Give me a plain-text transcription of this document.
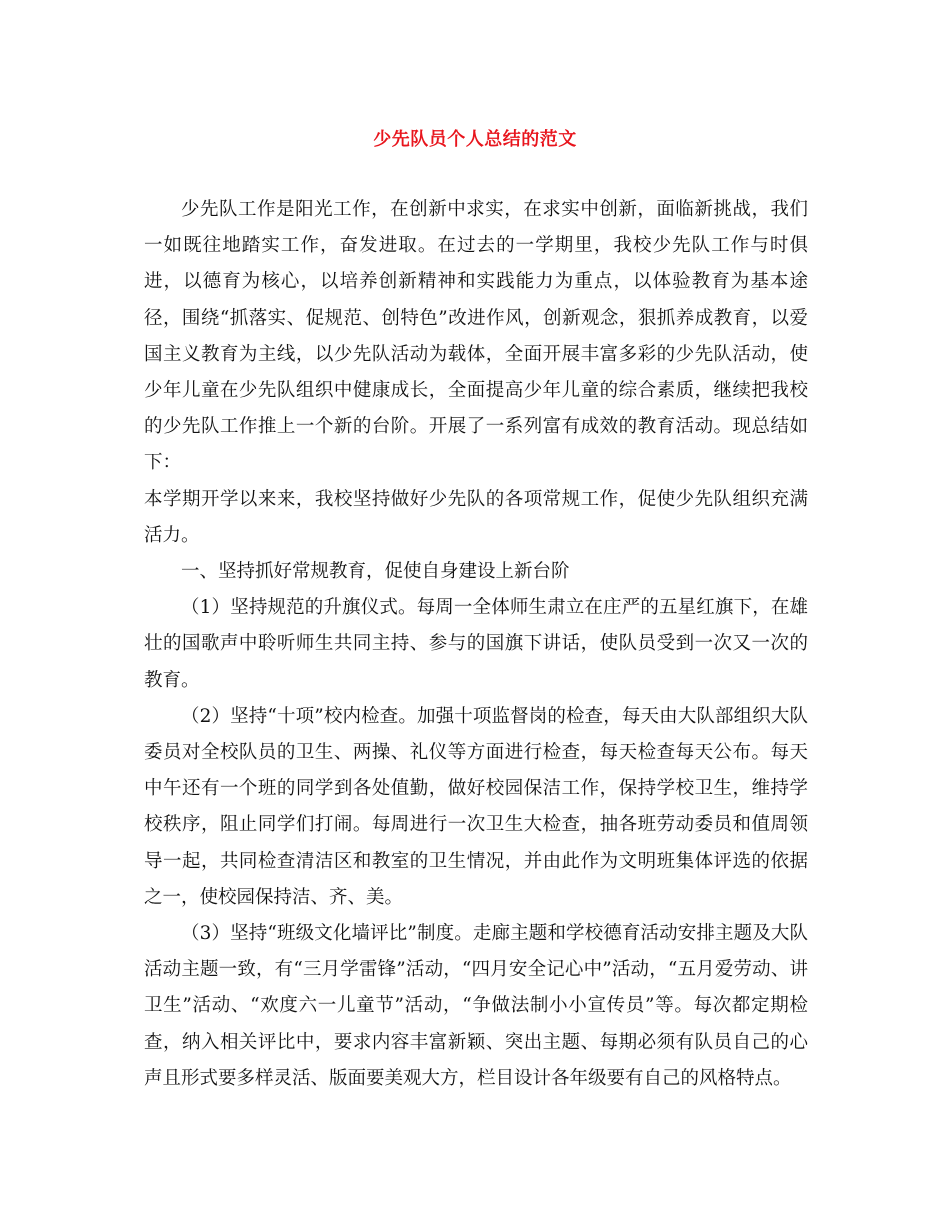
少先队员个人总结的范文

少先队工作是阳光工作，在创新中求实，在求实中创新，面临新挑战，我们一如既往地踏实工作，奋发进取。在过去的一学期里，我校少先队工作与时俱进，以德育为核心，以培养创新精神和实践能力为重点，以体验教育为基本途径，围绕“抓落实、促规范、创特色”改进作风，创新观念，狠抓养成教育，以爱国主义教育为主线，以少先队活动为载体，全面开展丰富多彩的少先队活动，使少年儿童在少先队组织中健康成长，全面提高少年儿童的综合素质，继续把我校的少先队工作推上一个新的台阶。开展了一系列富有成效的教育活动。现总结如下：

本学期开学以来来，我校坚持做好少先队的各项常规工作，促使少先队组织充满活力。

一、坚持抓好常规教育，促使自身建设上新台阶

（1）坚持规范的升旗仪式。每周一全体师生肃立在庄严的五星红旗下，在雄壮的国歌声中聆听师生共同主持、参与的国旗下讲话，使队员受到一次又一次的教育。

（2）坚持“十项”校内检查。加强十项监督岗的检查，每天由大队部组织大队委员对全校队员的卫生、两操、礼仪等方面进行检查，每天检查每天公布。每天中午还有一个班的同学到各处值勤，做好校园保洁工作，保持学校卫生，维持学校秩序，阻止同学们打闹。每周进行一次卫生大检查，抽各班劳动委员和值周领导一起，共同检查清洁区和教室的卫生情况，并由此作为文明班集体评选的依据之一，使校园保持洁、齐、美。

（3）坚持“班级文化墙评比”制度。走廊主题和学校德育活动安排主题及大队活动主题一致，有“三月学雷锋”活动，“四月安全记心中”活动，“五月爱劳动、讲卫生”活动、“欢度六一儿童节”活动，“争做法制小小宣传员”等。每次都定期检查，纳入相关评比中，要求内容丰富新颖、突出主题、每期必须有队员自己的心声且形式要多样灵活、版面要美观大方，栏目设计各年级要有自己的风格特点。
